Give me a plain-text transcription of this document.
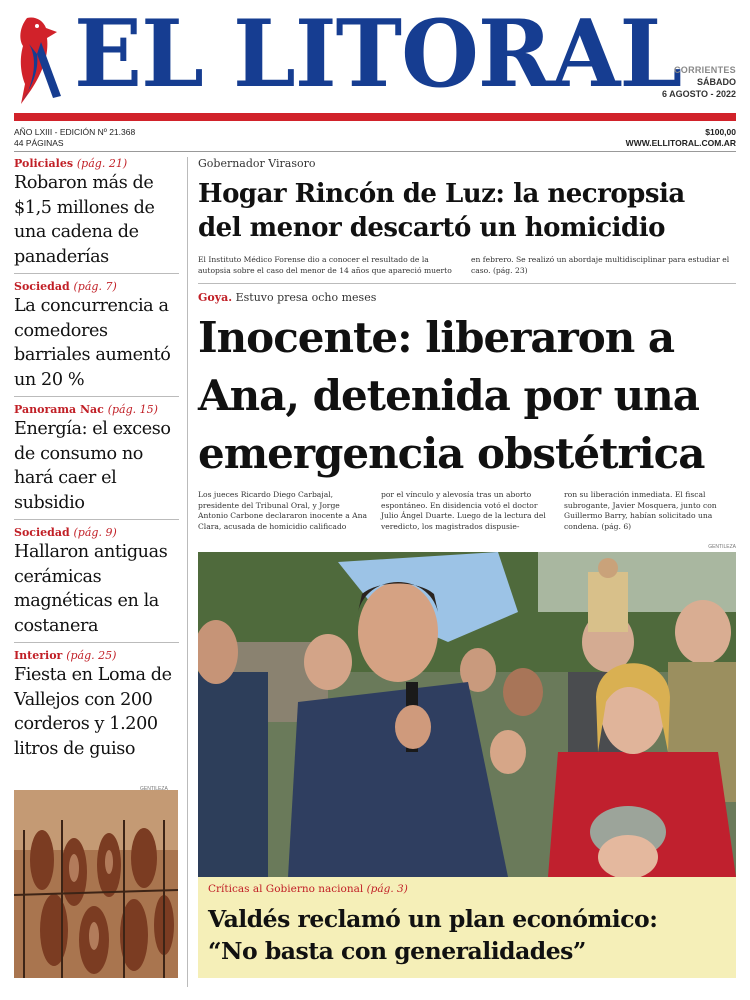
EL LITORAL
CORRIENTES
SÁBADO
6 AGOSTO - 2022
AÑO LXIII - EDICIÓN Nº 21.368
44 PÁGINAS
$100,00
WWW.ELLITORAL.COM.AR
Policiales (pág. 21)
Robaron más de $1,5 millones de una cadena de panaderías
Sociedad (pág. 7)
La concurrencia a comedores barriales aumentó un 20 %
Panorama Nac (pág. 15)
Energía: el exceso de consumo no hará caer el subsidio
Sociedad (pág. 9)
Hallaron antiguas cerámicas magnéticas en la costanera
Interior (pág. 25)
Fiesta en Loma de Vallejos con 200 corderos y 1.200 litros de guiso
GENTILEZA
Gobernador Virasoro
Hogar Rincón de Luz: la necropsia
del menor descartó un homicidio
El Instituto Médico Forense dio a conocer el resultado de la autopsia sobre el caso del menor de 14 años que apareció muerto
en febrero. Se realizó un abordaje multidisciplinar para estudiar el caso. (pág. 23)
Goya. Estuvo presa ocho meses
Inocente: liberaron a Ana, detenida por una emergencia obstétrica
Los jueces Ricardo Diego Carbajal, presidente del Tribunal Oral, y Jorge Antonio Carbone declararon inocente a Ana Clara, acusada de homicidio calificado
por el vínculo y alevosía tras un aborto espontáneo. En disidencia votó el doctor Julio Ángel Duarte. Luego de la lectura del veredicto, los magistrados dispusie-
ron su liberación inmediata. El fiscal subrogante, Javier Mosquera, junto con Guillermo Barry, habían solicitado una condena. (pág. 6)
GENTILEZA
Críticas al Gobierno nacional (pág. 3)
Valdés reclamó un plan económico:
“No basta con generalidades”
